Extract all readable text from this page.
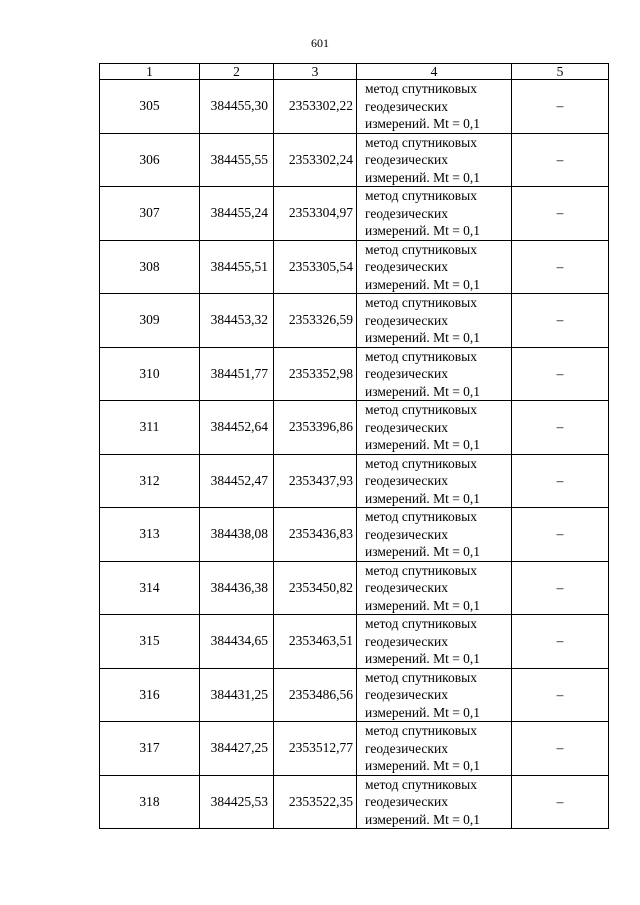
601
1	2	3	4	5
305	384455,30	2353302,22	метод спутниковых
геодезических
измерений. Mt = 0,1	–
306	384455,55	2353302,24	метод спутниковых
геодезических
измерений. Mt = 0,1	–
307	384455,24	2353304,97	метод спутниковых
геодезических
измерений. Mt = 0,1	–
308	384455,51	2353305,54	метод спутниковых
геодезических
измерений. Mt = 0,1	–
309	384453,32	2353326,59	метод спутниковых
геодезических
измерений. Mt = 0,1	–
310	384451,77	2353352,98	метод спутниковых
геодезических
измерений. Mt = 0,1	–
311	384452,64	2353396,86	метод спутниковых
геодезических
измерений. Mt = 0,1	–
312	384452,47	2353437,93	метод спутниковых
геодезических
измерений. Mt = 0,1	–
313	384438,08	2353436,83	метод спутниковых
геодезических
измерений. Mt = 0,1	–
314	384436,38	2353450,82	метод спутниковых
геодезических
измерений. Mt = 0,1	–
315	384434,65	2353463,51	метод спутниковых
геодезических
измерений. Mt = 0,1	–
316	384431,25	2353486,56	метод спутниковых
геодезических
измерений. Mt = 0,1	–
317	384427,25	2353512,77	метод спутниковых
геодезических
измерений. Mt = 0,1	–
318	384425,53	2353522,35	метод спутниковых
геодезических
измерений. Mt = 0,1	–
